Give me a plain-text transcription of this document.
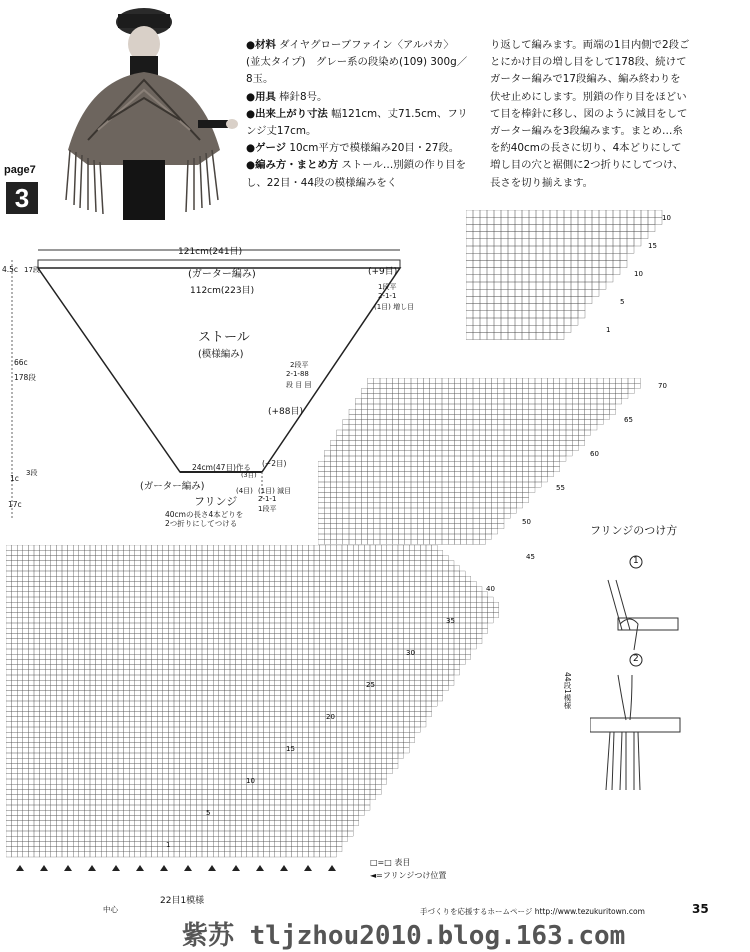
page7
3

●材料 ダイヤグローブファイン〈アルパカ〉(並太タイプ)　グレー系の段染め(109) 300g／8玉。

●用具 棒針8号。

●出来上がり寸法 幅121cm、丈71.5cm、フリンジ丈17cm。

●ゲージ 10cm平方で模様編み20目・27段。

●編み方・まとめ方 ストール…別鎖の作り目をし、22目・44段の模様編みをく

り返して編みます。両端の1目内側で2段ごとにかけ目の増し目をして178段、続けてガーター編みで17段編み、編み終わりを伏せ止めにします。別鎖の作り目をほどいて目を棒針に移し、図のように減目をしてガーター編みを3段編みます。まとめ…糸を約40cmの長さに切り、4本どりにして増し目の穴と裾側に2つ折りにしてつけ、長さを切り揃えます。

121cm(241目)
(ガーター編み)
112cm(223目)
(+9目)
1段平
2-1-1
(1目) 増し目
ストール
(模様編み)
2段平
2-1-88
段 目 回
(+88目)
24cm(47目)作る (−2目)
(ガーター編み)
フリンジ
40cmの長さ4本どりを
2つ折りにしてつける
(4目) (1目) 減目
2-1-1
1段平
4.5c 17段
66c
178段
1c
3段
17c
(3目)
10
15
10
5
1
70
65
60
55
50
45
40
35
30
25
20
15
10
5
1
フリンジのつけ方
1
2
44段1模様
22目1模様
中心
□=□ 表目
◄=フリンジつけ位置
手づくりを応援するホームページ http://www.tezukuritown.com	35
紫苏 tljzhou2010.blog.163.com
